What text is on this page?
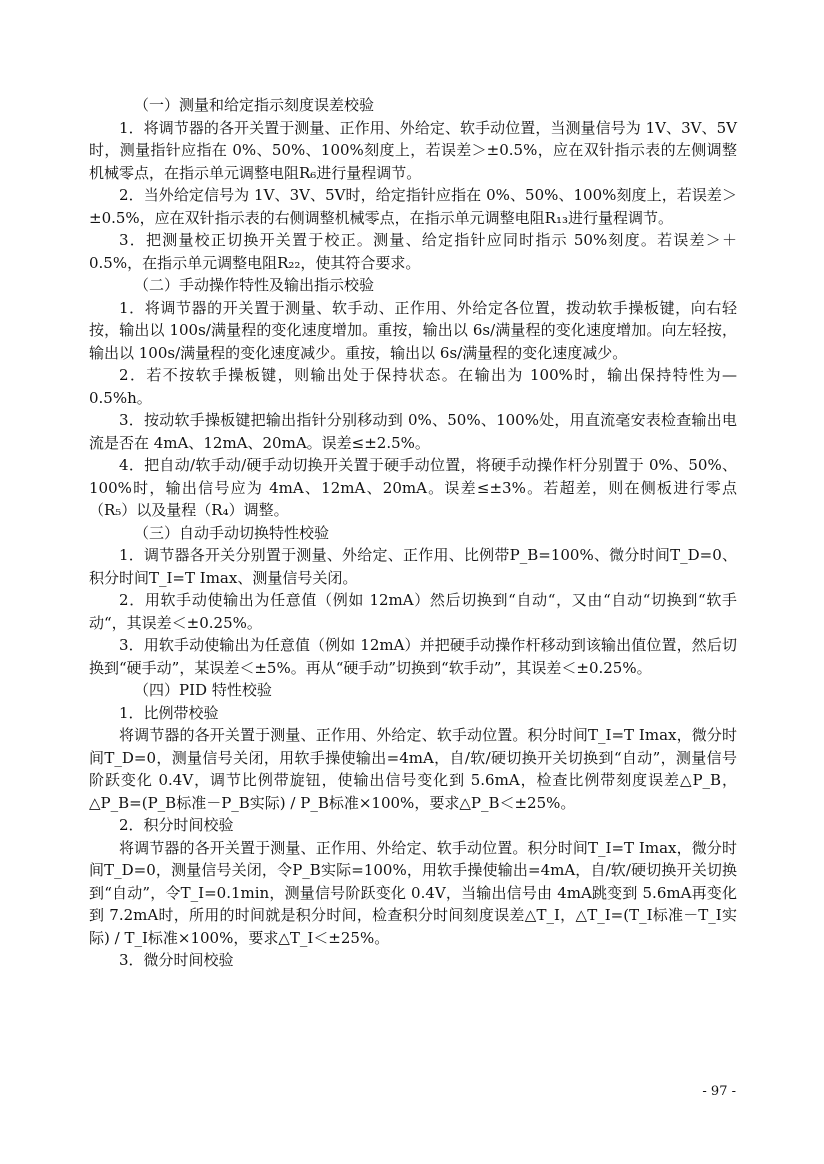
（一）测量和给定指示刻度误差校验

1．将调节器的各开关置于测量、正作用、外给定、软手动位置，当测量信号为 1V、3V、5V时，测量指针应指在 0%、50%、100%刻度上，若误差＞±0.5%，应在双针指示表的左侧调整机械零点，在指示单元调整电阻R₆进行量程调节。

2．当外给定信号为 1V、3V、5V时，给定指针应指在 0%、50%、100%刻度上，若误差＞±0.5%，应在双针指示表的右侧调整机械零点，在指示单元调整电阻R₁₃进行量程调节。

3．把测量校正切换开关置于校正。测量、给定指针应同时指示 50%刻度。若误差＞＋0.5%，在指示单元调整电阻R₂₂，使其符合要求。

（二）手动操作特性及输出指示校验

1．将调节器的开关置于测量、软手动、正作用、外给定各位置，拨动软手操板键，向右轻按，输出以 100s/满量程的变化速度增加。重按，输出以 6s/满量程的变化速度增加。向左轻按，输出以 100s/满量程的变化速度减少。重按，输出以 6s/满量程的变化速度减少。

2．若不按软手操板键，则输出处于保持状态。在输出为 100%时，输出保持特性为—0.5%h。

3．按动软手操板键把输出指针分别移动到 0%、50%、100%处，用直流毫安表检查输出电流是否在 4mA、12mA、20mA。误差≤±2.5%。

4．把自动/软手动/硬手动切换开关置于硬手动位置，将硬手动操作杆分别置于 0%、50%、100%时，输出信号应为 4mA、12mA、20mA。误差≤±3%。若超差，则在侧板进行零点（R₅）以及量程（R₄）调整。

（三）自动手动切换特性校验

1．调节器各开关分别置于测量、外给定、正作用、比例带P_B=100%、微分时间T_D=0、积分时间T_I=T Imax、测量信号关闭。

2．用软手动使输出为任意值（例如 12mA）然后切换到“自动“，又由“自动“切换到“软手动“，其误差＜±0.25%。

3．用软手动使输出为任意值（例如 12mA）并把硬手动操作杆移动到该输出值位置，然后切换到“硬手动”，某误差＜±5%。再从“硬手动”切换到“软手动”，其误差＜±0.25%。

（四）PID 特性校验

1．比例带校验

将调节器的各开关置于测量、正作用、外给定、软手动位置。积分时间T_I=T Imax，微分时间T_D=0，测量信号关闭，用软手操使输出=4mA，自/软/硬切换开关切换到“自动”，测量信号阶跃变化 0.4V，调节比例带旋钮，使输出信号变化到 5.6mA，检查比例带刻度误差△P_B，△P_B=(P_B标准－P_B实际) / P_B标准×100%，要求△P_B＜±25%。

2．积分时间校验

将调节器的各开关置于测量、正作用、外给定、软手动位置。积分时间T_I=T Imax，微分时间T_D=0，测量信号关闭，令P_B实际=100%，用软手操使输出=4mA，自/软/硬切换开关切换到“自动”，令T_I=0.1min，测量信号阶跃变化 0.4V，当输出信号由 4mA跳变到 5.6mA再变化到 7.2mA时，所用的时间就是积分时间，检查积分时间刻度误差△T_I，△T_I=(T_I标准－T_I实际) / T_I标准×100%，要求△T_I＜±25%。

3．微分时间校验

- 97 -
